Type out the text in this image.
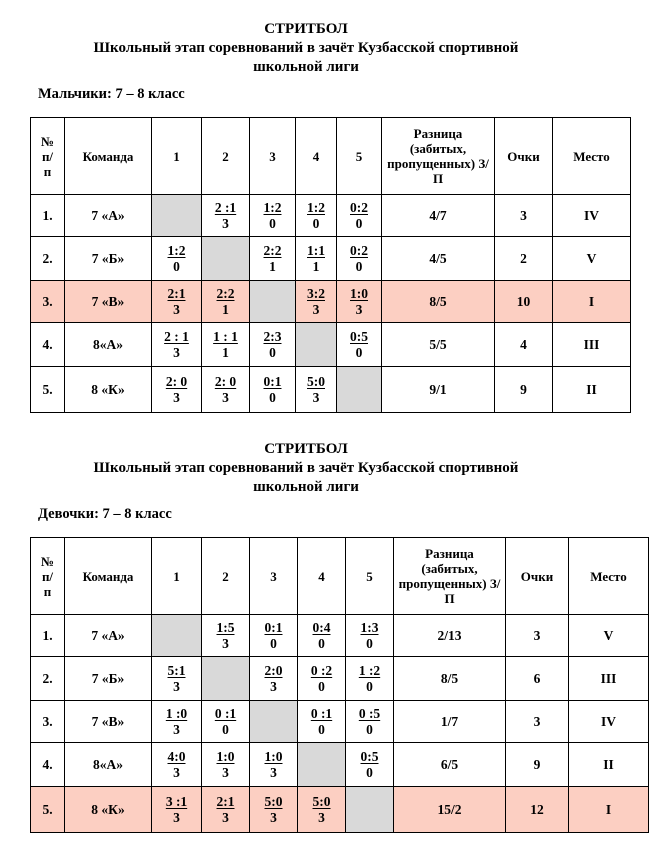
СТРИТБОЛ
Школьный этап соревнований в зачёт Кузбасской спортивной
школьной лиги
Мальчики: 7 – 8 класс
№ п/ п	Команда	1	2	3	4	5	Разница (забитых, пропущенных) З/П	Очки	Место
1.	7 «А»		$\frac{2 :1}{3}$	$\frac{1:2}{0}$	$\frac{1:2}{0}$	$\frac{0:2}{0}$	4/7	3	IV
2.	7 «Б»	$\frac{1:2}{0}$		$\frac{2:2}{1}$	$\frac{1:1}{1}$	$\frac{0:2}{0}$	4/5	2	V
3.	7 «В»	$\frac{2:1}{3}$	$\frac{2:2}{1}$		$\frac{3:2}{3}$	$\frac{1:0}{3}$	8/5	10	I
4.	8«А»	$\frac{2 : 1}{3}$	$\frac{1 : 1}{1}$	$\frac{2:3}{0}$		$\frac{0:5}{0}$	5/5	4	III
5.	8 «К»	$\frac{2: 0}{3}$	$\frac{2: 0}{3}$	$\frac{0:1}{0}$	$\frac{5:0}{3}$		9/1	9	II
СТРИТБОЛ
Школьный этап соревнований в зачёт Кузбасской спортивной
школьной лиги
Девочки: 7 – 8 класс
№ п/ п	Команда	1	2	3	4	5	Разница (забитых, пропущенных) З/П	Очки	Место
1.	7 «А»		$\frac{1:5}{3}$	$\frac{0:1}{0}$	$\frac{0:4}{0}$	$\frac{1:3}{0}$	2/13	3	V
2.	7 «Б»	$\frac{5:1}{3}$		$\frac{2:0}{3}$	$\frac{0 :2}{0}$	$\frac{1 :2}{0}$	8/5	6	III
3.	7 «В»	$\frac{1 :0}{3}$	$\frac{0 :1}{0}$		$\frac{0 :1}{0}$	$\frac{0 :5}{0}$	1/7	3	IV
4.	8«А»	$\frac{4:0}{3}$	$\frac{1:0}{3}$	$\frac{1:0}{3}$		$\frac{0:5}{0}$	6/5	9	II
5.	8 «К»	$\frac{3 :1}{3}$	$\frac{2:1}{3}$	$\frac{5:0}{3}$	$\frac{5:0}{3}$		15/2	12	I
